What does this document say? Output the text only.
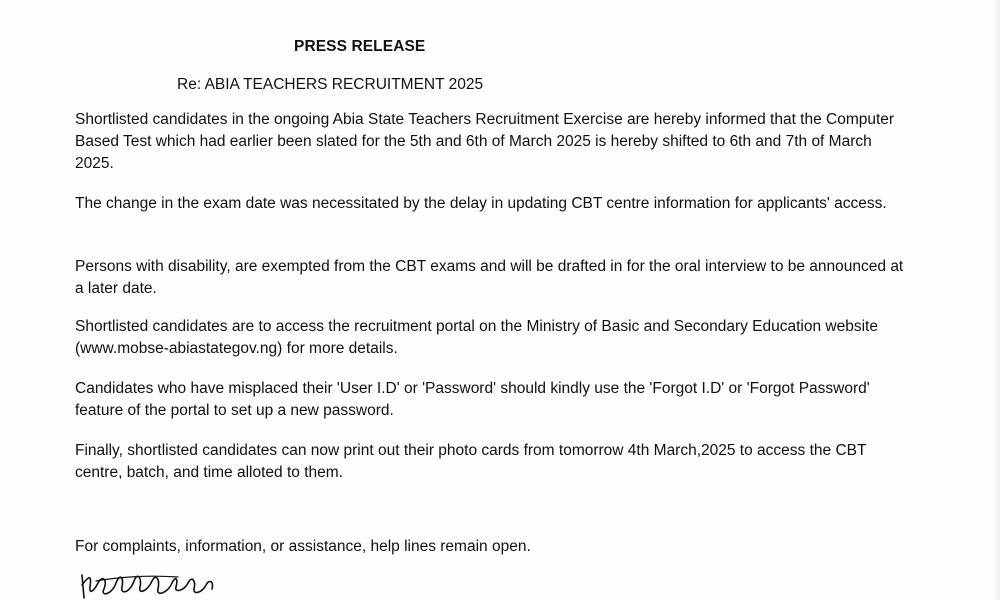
PRESS RELEASE
Re: ABIA TEACHERS RECRUITMENT 2025

Shortlisted candidates in the ongoing Abia State Teachers Recruitment Exercise are hereby informed that the Computer Based Test which had earlier been slated for the 5th and 6th of March 2025 is hereby shifted to 6th and 7th of March 2025.

The change in the exam date was necessitated by the delay in updating CBT centre information for applicants' access.

Persons with disability, are exempted from the CBT exams and will be drafted in for the oral interview to be announced at a later date.

Shortlisted candidates are to access the recruitment portal on the Ministry of Basic and Secondary Education website (www.mobse-abiastategov.ng) for more details.

Candidates who have misplaced their 'User I.D' or 'Password' should kindly use the 'Forgot I.D' or 'Forgot Password' feature of the portal to set up a new password.

Finally, shortlisted candidates can now print out their photo cards from tomorrow 4th March,2025 to access the CBT centre, batch, and time alloted to them.

For complaints, information, or assistance, help lines remain open.
